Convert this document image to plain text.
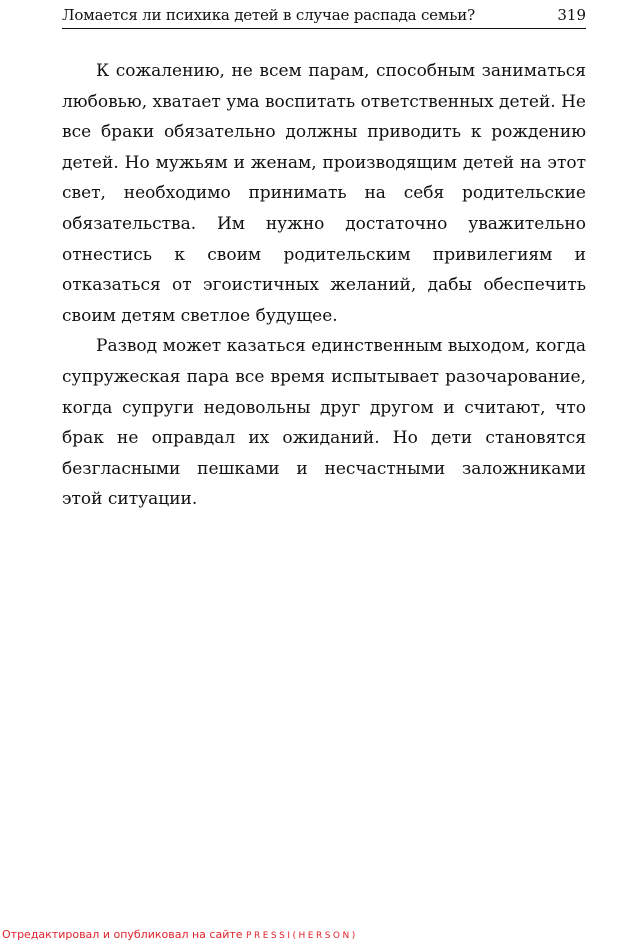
Ломается ли психика детей в случае распада семьи?	319

К сожалению, не всем парам, способным заниматься любовью, хватает ума воспитать ответственных детей. Не все браки обязательно должны приводить к рождению детей. Но мужьям и женам, производящим детей на этот свет, необходимо принимать на себя родительские обязательства. Им нужно достаточно уважительно отнестись к своим родительским привилегиям и отказаться от эгоистичных желаний, дабы обеспечить своим детям светлое будущее.

Развод может казаться единственным выходом, когда супружеская пара все время испытывает разочарование, когда супруги недовольны друг другом и считают, что брак не оправдал их ожиданий. Но дети становятся безгласными пешками и несчастными заложниками этой ситуации.

Отредактировал и опубликовал на сайте PRESSI(HERSON)
